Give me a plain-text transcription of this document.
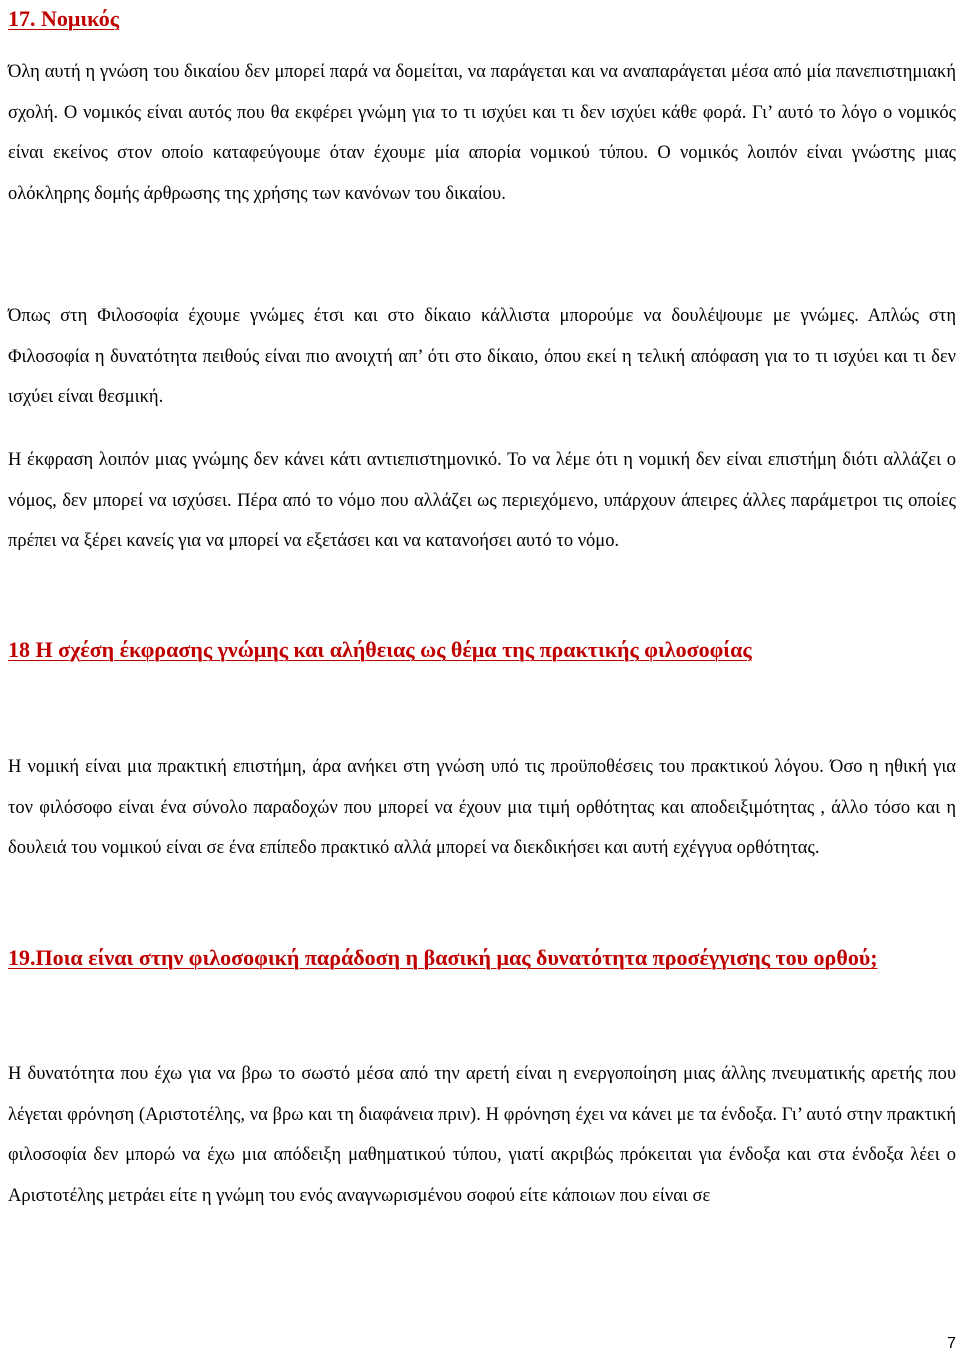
17. Νομικός

Όλη αυτή η γνώση του δικαίου δεν μπορεί παρά να δομείται, να παράγεται και να αναπαράγεται μέσα από μία πανεπιστημιακή σχολή. Ο νομικός είναι αυτός που θα εκφέρει γνώμη για το τι ισχύει και τι δεν ισχύει κάθε φορά. Γι’ αυτό το λόγο ο νομικός είναι εκείνος στον οποίο καταφεύγουμε όταν έχουμε μία απορία νομικού τύπου. Ο νομικός λοιπόν είναι γνώστης μιας ολόκληρης δομής άρθρωσης της χρήσης των κανόνων του δικαίου.

Όπως στη Φιλοσοφία έχουμε γνώμες έτσι και στο δίκαιο κάλλιστα μπορούμε να δουλέψουμε με γνώμες. Απλώς στη Φιλοσοφία η δυνατότητα πειθούς είναι πιο ανοιχτή απ’ ότι στο δίκαιο, όπου εκεί η τελική απόφαση για το τι ισχύει και τι δεν ισχύει είναι θεσμική.

Η έκφραση λοιπόν μιας γνώμης δεν κάνει κάτι αντιεπιστημονικό. Το να λέμε ότι η νομική δεν είναι επιστήμη διότι αλλάζει ο νόμος, δεν μπορεί να ισχύσει. Πέρα από το νόμο που αλλάζει ως περιεχόμενο, υπάρχουν άπειρες άλλες παράμετροι τις οποίες πρέπει να ξέρει κανείς για να μπορεί να εξετάσει και να κατανοήσει αυτό το νόμο.

18 Η σχέση έκφρασης γνώμης και αλήθειας ως θέμα της πρακτικής φιλοσοφίας

Η νομική είναι μια πρακτική επιστήμη, άρα ανήκει στη γνώση υπό τις προϋποθέσεις του πρακτικού λόγου. Όσο η ηθική για τον φιλόσοφο είναι ένα σύνολο παραδοχών που μπορεί να έχουν μια τιμή ορθότητας και αποδειξιμότητας , άλλο τόσο και η δουλειά του νομικού είναι σε ένα επίπεδο πρακτικό αλλά μπορεί να διεκδικήσει και αυτή εχέγγυα ορθότητας.

19.Ποια είναι στην φιλοσοφική παράδοση η βασική μας δυνατότητα προσέγγισης του ορθού;

Η δυνατότητα που έχω για να βρω το σωστό μέσα από την αρετή είναι η ενεργοποίηση μιας άλλης πνευματικής αρετής που λέγεται φρόνηση (Αριστοτέλης, να βρω και τη διαφάνεια πριν). Η φρόνηση έχει να κάνει με τα ένδοξα. Γι’ αυτό στην πρακτική φιλοσοφία δεν μπορώ να έχω μια απόδειξη μαθηματικού τύπου, γιατί ακριβώς πρόκειται για ένδοξα και στα ένδοξα λέει ο Αριστοτέλης μετράει είτε η γνώμη του ενός αναγνωρισμένου σοφού είτε κάποιων που είναι σε

7
